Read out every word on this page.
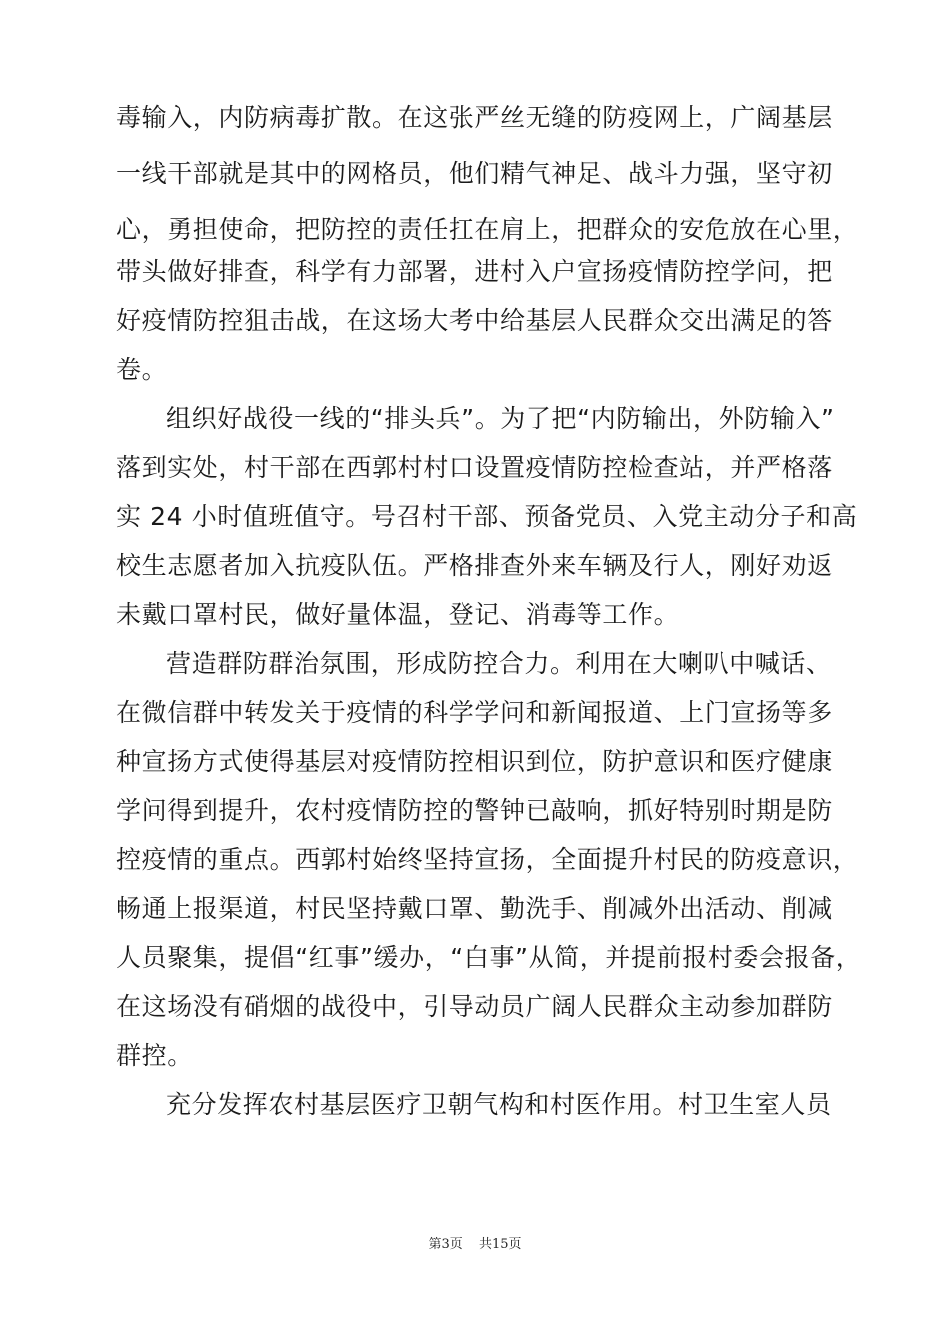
毒输入，内防病毒扩散。在这张严丝无缝的防疫网上，广阔基层
一线干部就是其中的网格员，他们精气神足、战斗力强，坚守初
心，勇担使命，把防控的责任扛在肩上，把群众的安危放在心里，
带头做好排查，科学有力部署，进村入户宣扬疫情防控学问，把
好疫情防控狙击战，在这场大考中给基层人民群众交出满足的答
卷。
组织好战役一线的“排头兵”。为了把“内防输出，外防输入”
落到实处，村干部在西郭村村口设置疫情防控检查站，并严格落
实 24 小时值班值守。号召村干部、预备党员、入党主动分子和高
校生志愿者加入抗疫队伍。严格排查外来车辆及行人，刚好劝返
未戴口罩村民，做好量体温，登记、消毒等工作。
营造群防群治氛围，形成防控合力。利用在大喇叭中喊话、
在微信群中转发关于疫情的科学学问和新闻报道、上门宣扬等多
种宣扬方式使得基层对疫情防控相识到位，防护意识和医疗健康
学问得到提升，农村疫情防控的警钟已敲响，抓好特别时期是防
控疫情的重点。西郭村始终坚持宣扬，全面提升村民的防疫意识，
畅通上报渠道，村民坚持戴口罩、勤洗手、削减外出活动、削减
人员聚集，提倡“红事”缓办，“白事”从简，并提前报村委会报备，
在这场没有硝烟的战役中，引导动员广阔人民群众主动参加群防
群控。
充分发挥农村基层医疗卫朝气构和村医作用。村卫生室人员
第3页 共15页
